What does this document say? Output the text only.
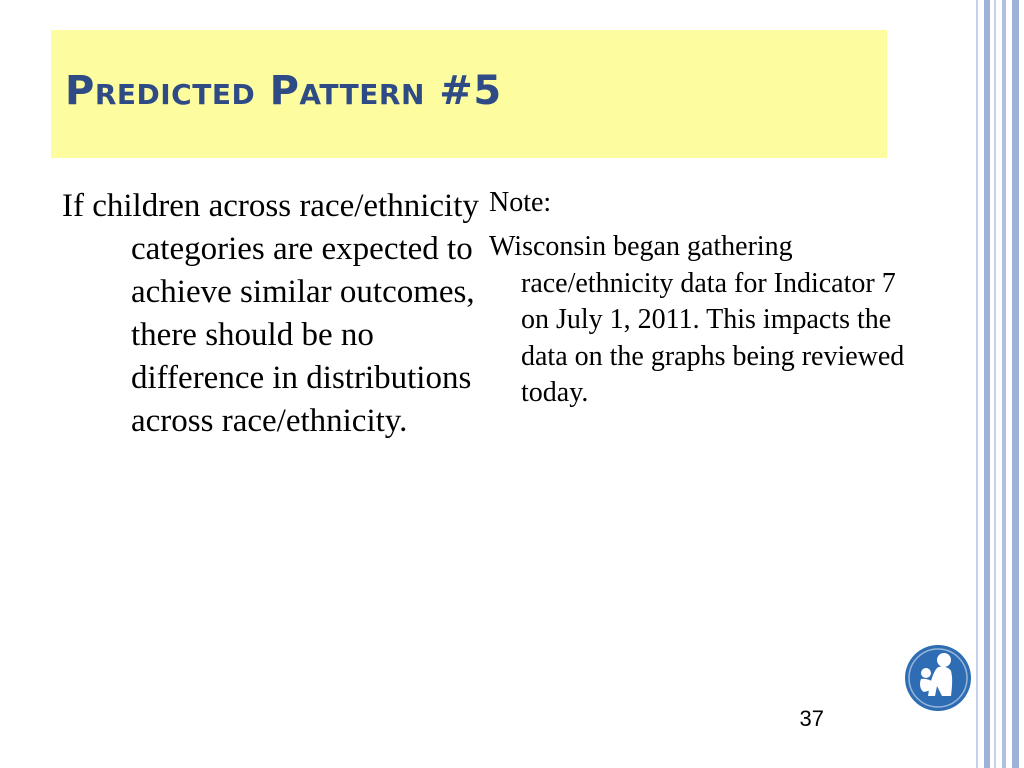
Predicted Pattern #5

If children across race/ethnicity categories are expected to achieve similar outcomes, there should be no difference in distributions across race/ethnicity.

Note:

Wisconsin began gathering race/ethnicity data for Indicator 7 on July 1, 2011. This impacts the data on the graphs being reviewed today.

37
